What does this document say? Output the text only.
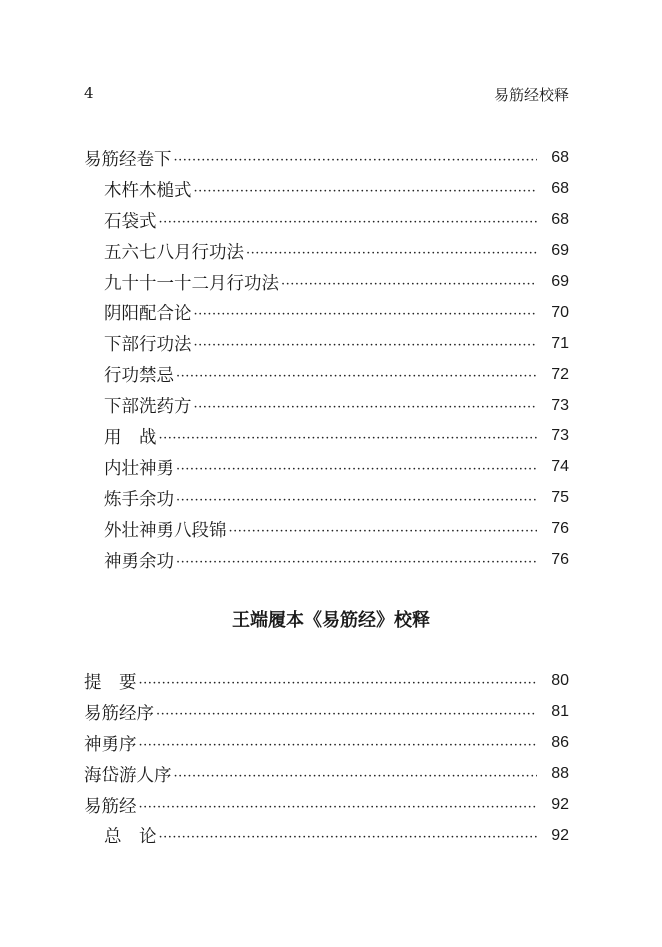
4	易筋经校释
易筋经卷下 ·····	68
木杵木槌式 ·····	68
石袋式 ·····	68
五六七八月行功法 ·····	69
九十十一十二月行功法 ·····	69
阴阳配合论 ·····	70
下部行功法 ·····	71
行功禁忌 ·····	72
下部洗药方 ·····	73
用　战 ·····	73
内壮神勇 ·····	74
炼手余功 ·····	75
外壮神勇八段锦 ·····	76
神勇余功 ·····	76
王端履本《易筋经》校释
提　要 ·····	80
易筋经序 ·····	81
神勇序 ·····	86
海岱游人序 ·····	88
易筋经 ·····	92
总　论 ·····	92
